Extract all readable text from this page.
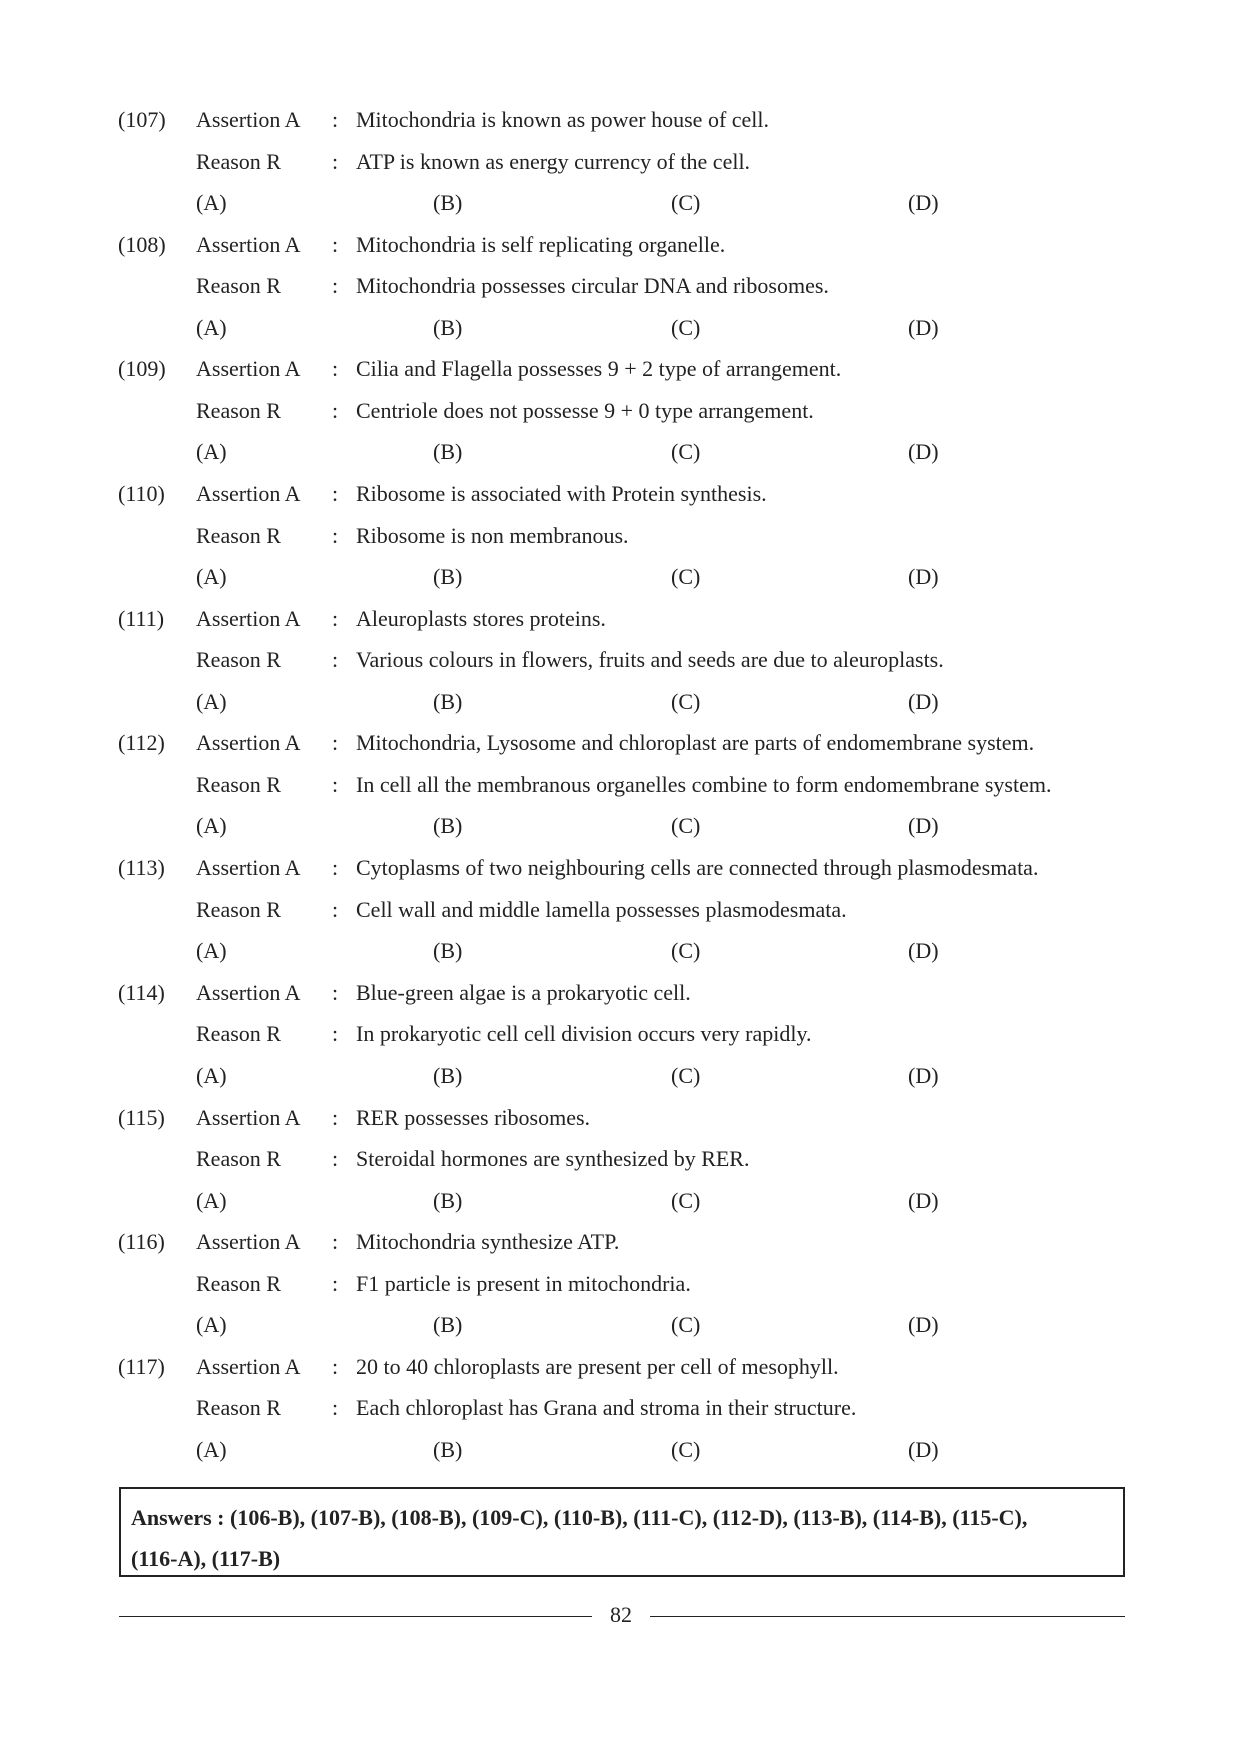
(107) Assertion A : Mitochondria is known as power house of cell.
Reason R : ATP is known as energy currency of the cell.
(A)	(B)	(C)	(D)
(108) Assertion A : Mitochondria is self replicating organelle.
Reason R : Mitochondria possesses circular DNA and ribosomes.
(A)	(B)	(C)	(D)
(109) Assertion A : Cilia and Flagella possesses 9 + 2 type of arrangement.
Reason R : Centriole does not possesse 9 + 0 type arrangement.
(A)	(B)	(C)	(D)
(110) Assertion A : Ribosome is associated with Protein synthesis.
Reason R : Ribosome is non membranous.
(A)	(B)	(C)	(D)
(111) Assertion A : Aleuroplasts stores proteins.
Reason R : Various colours in flowers, fruits and seeds are due to aleuroplasts.
(A)	(B)	(C)	(D)
(112) Assertion A : Mitochondria, Lysosome and chloroplast are parts of endomembrane system.
Reason R : In cell all the membranous organelles combine to form endomembrane system.
(A)	(B)	(C)	(D)
(113) Assertion A : Cytoplasms of two neighbouring cells are connected through plasmodesmata.
Reason R : Cell wall and middle lamella possesses plasmodesmata.
(A)	(B)	(C)	(D)
(114) Assertion A : Blue-green algae is a prokaryotic cell.
Reason R : In prokaryotic cell cell division occurs very rapidly.
(A)	(B)	(C)	(D)
(115) Assertion A : RER possesses ribosomes.
Reason R : Steroidal hormones are synthesized by RER.
(A)	(B)	(C)	(D)
(116) Assertion A : Mitochondria synthesize ATP.
Reason R : F1 particle is present in mitochondria.
(A)	(B)	(C)	(D)
(117) Assertion A : 20 to 40 chloroplasts are present per cell of mesophyll.
Reason R : Each chloroplast has Grana and stroma in their structure.
(A)	(B)	(C)	(D)
Answers : (106-B), (107-B), (108-B), (109-C), (110-B), (111-C), (112-D), (113-B), (114-B), (115-C),
(116-A), (117-B)
82
